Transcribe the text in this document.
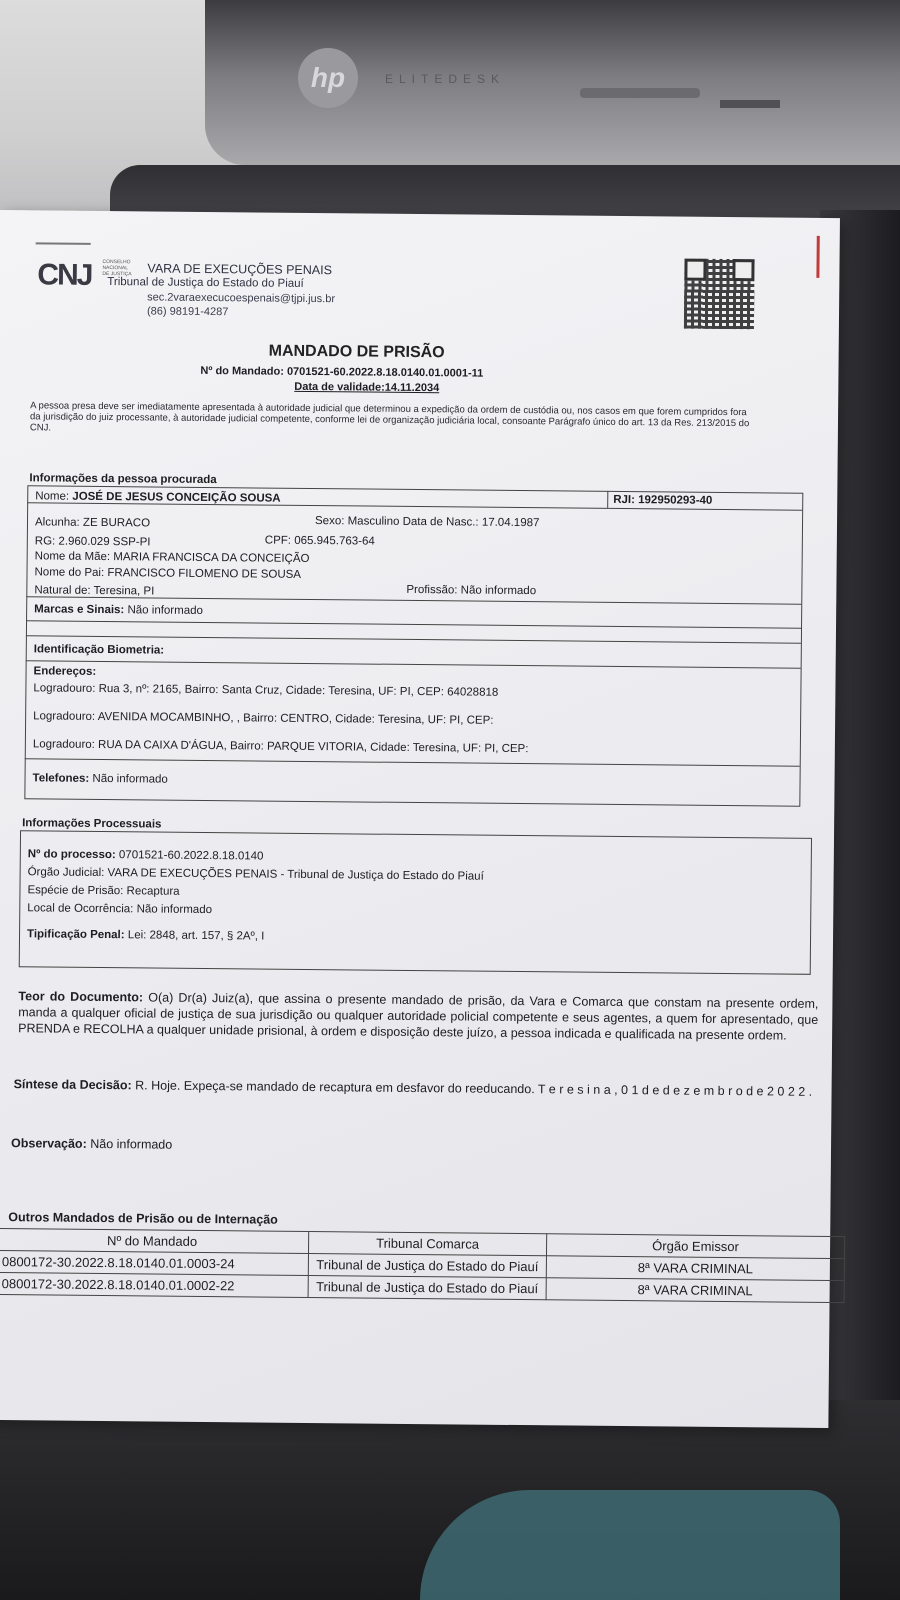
hp	ELITEDESK
CNJ CONSELHO
NACIONAL
DE JUSTIÇA VARA DE EXECUÇÕES PENAIS
Tribunal de Justiça do Estado do Piauí
sec.2varaexecucoespenais@tjpi.jus.br
(86) 98191-4287
MANDADO DE PRISÃO
Nº do Mandado: 0701521-60.2022.8.18.0140.01.0001-11
Data de validade:14.11.2034
A pessoa presa deve ser imediatamente apresentada à autoridade judicial que determinou a expedição da ordem de custódia ou, nos casos em que forem cumpridos fora da jurisdição do juiz processante, à autoridade judicial competente, conforme lei de organização judiciária local, consoante Parágrafo único do art. 13 da Res. 213/2015 do CNJ.
Informações da pessoa procurada
Nome: JOSÉ DE JESUS CONCEIÇÃO SOUSA	RJI: 192950293-40
Alcunha: ZE BURACO	Sexo: Masculino Data de Nasc.: 17.04.1987
RG: 2.960.029 SSP-PI	CPF: 065.945.763-64
Nome da Mãe: MARIA FRANCISCA DA CONCEIÇÃO
Nome do Pai: FRANCISCO FILOMENO DE SOUSA
Natural de: Teresina, PI	Profissão: Não informado
Marcas e Sinais: Não informado
Identificação Biometria:
Endereços:
Logradouro: Rua 3, nº: 2165, Bairro: Santa Cruz, Cidade: Teresina, UF: PI, CEP: 64028818
Logradouro: AVENIDA MOCAMBINHO, , Bairro: CENTRO, Cidade: Teresina, UF: PI, CEP:
Logradouro: RUA DA CAIXA D'ÁGUA, Bairro: PARQUE VITORIA, Cidade: Teresina, UF: PI, CEP:
Telefones: Não informado
Informações Processuais
Nº do processo: 0701521-60.2022.8.18.0140
Órgão Judicial: VARA DE EXECUÇÕES PENAIS - Tribunal de Justiça do Estado do Piauí
Espécie de Prisão: Recaptura
Local de Ocorrência: Não informado
Tipificação Penal: Lei: 2848, art. 157, § 2Aº, I
Teor do Documento: O(a) Dr(a) Juiz(a), que assina o presente mandado de prisão, da Vara e Comarca que constam na presente ordem, manda a qualquer oficial de justiça de sua jurisdição ou qualquer autoridade policial competente e seus agentes, a quem for apresentado, que PRENDA e RECOLHA a qualquer unidade prisional, à ordem e disposição deste juízo, a pessoa indicada e qualificada na presente ordem.
Síntese da Decisão: R. Hoje. Expeça-se mandado de recaptura em desfavor do reeducando. T e r e s i n a , 0 1 d e d e z e m b r o d e 2 0 2 2 .
Observação: Não informado
Outros Mandados de Prisão ou de Internação
Nº do Mandado	Tribunal Comarca	Órgão Emissor
0800172-30.2022.8.18.0140.01.0003-24	Tribunal de Justiça do Estado do Piauí	8ª VARA CRIMINAL
0800172-30.2022.8.18.0140.01.0002-22	Tribunal de Justiça do Estado do Piauí	8ª VARA CRIMINAL
